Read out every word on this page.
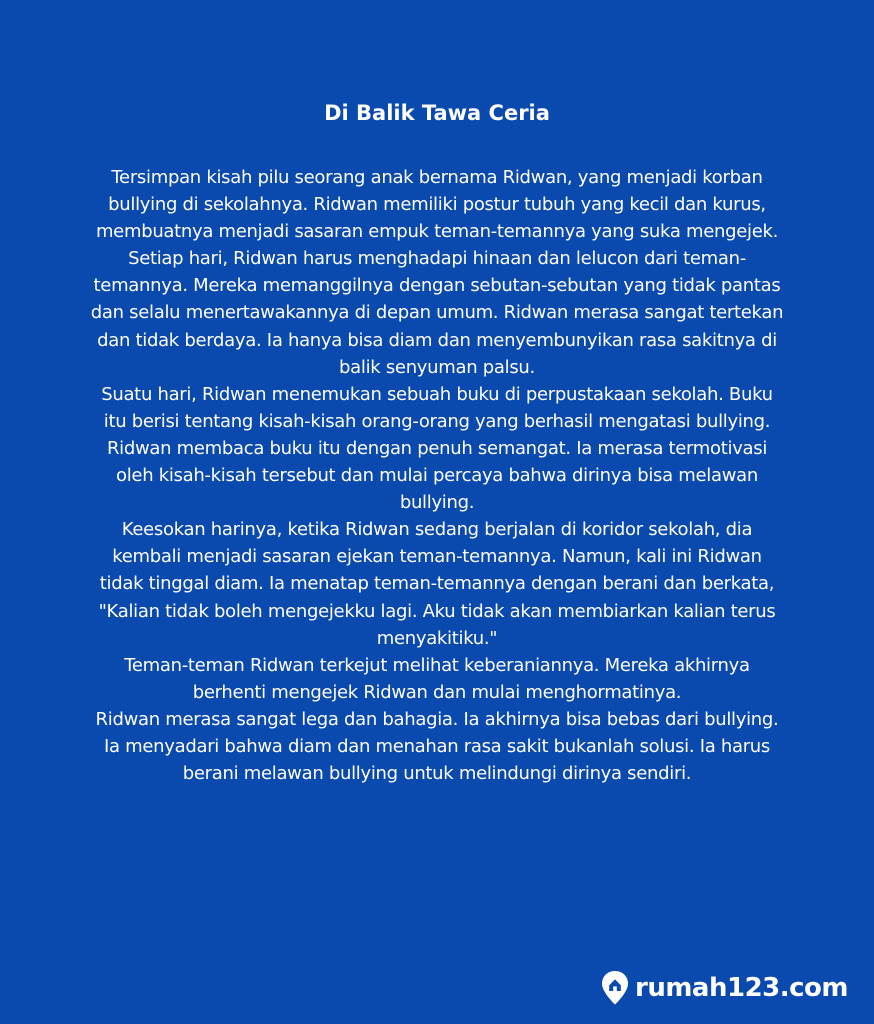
Di Balik Tawa Ceria

Tersimpan kisah pilu seorang anak bernama Ridwan, yang menjadi korban bullying di sekolahnya. Ridwan memiliki postur tubuh yang kecil dan kurus, membuatnya menjadi sasaran empuk teman-temannya yang suka mengejek.

Setiap hari, Ridwan harus menghadapi hinaan dan lelucon dari teman-temannya. Mereka memanggilnya dengan sebutan-sebutan yang tidak pantas dan selalu menertawakannya di depan umum. Ridwan merasa sangat tertekan dan tidak berdaya. Ia hanya bisa diam dan menyembunyikan rasa sakitnya di balik senyuman palsu.

Suatu hari, Ridwan menemukan sebuah buku di perpustakaan sekolah. Buku itu berisi tentang kisah-kisah orang-orang yang berhasil mengatasi bullying. Ridwan membaca buku itu dengan penuh semangat. Ia merasa termotivasi oleh kisah-kisah tersebut dan mulai percaya bahwa dirinya bisa melawan bullying.

Keesokan harinya, ketika Ridwan sedang berjalan di koridor sekolah, dia kembali menjadi sasaran ejekan teman-temannya. Namun, kali ini Ridwan tidak tinggal diam. Ia menatap teman-temannya dengan berani dan berkata, "Kalian tidak boleh mengejekku lagi. Aku tidak akan membiarkan kalian terus menyakitiku."

Teman-teman Ridwan terkejut melihat keberaniannya. Mereka akhirnya berhenti mengejek Ridwan dan mulai menghormatinya.

Ridwan merasa sangat lega dan bahagia. Ia akhirnya bisa bebas dari bullying. Ia menyadari bahwa diam dan menahan rasa sakit bukanlah solusi. Ia harus berani melawan bullying untuk melindungi dirinya sendiri.

rumah123.com
